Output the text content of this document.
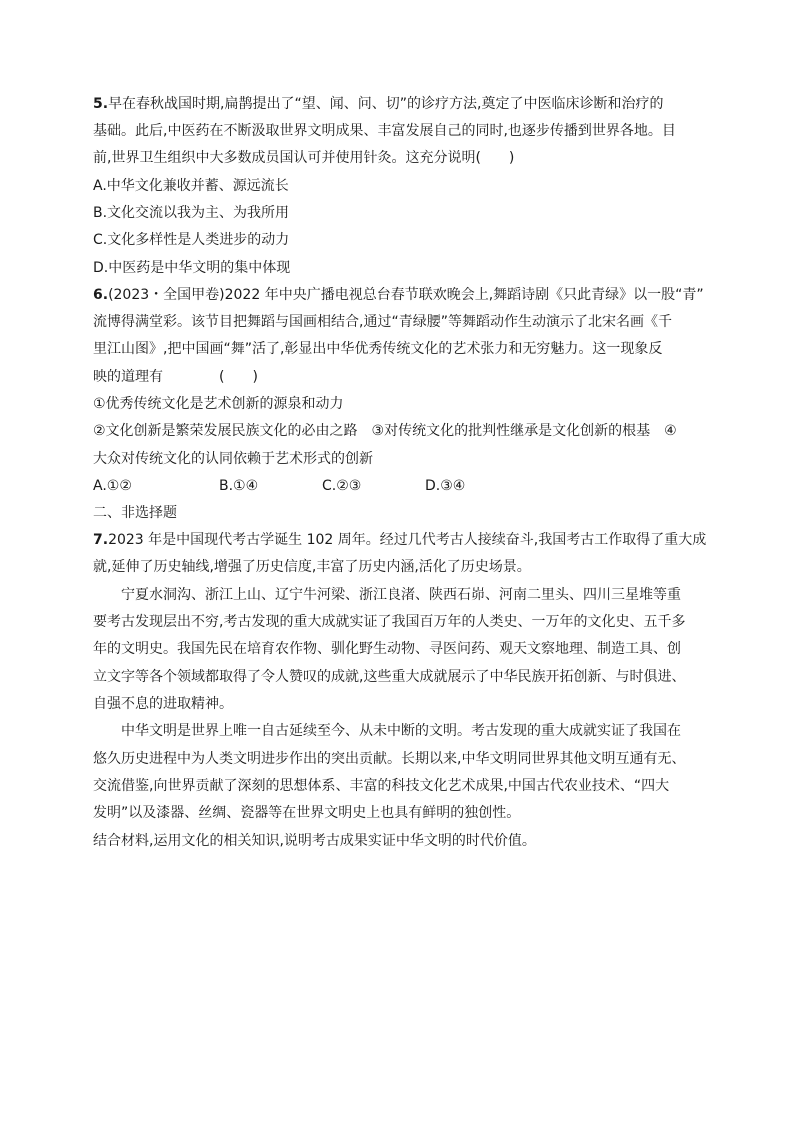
5.早在春秋战国时期,扁鹊提出了“望、闻、问、切”的诊疗方法,奠定了中医临床诊断和治疗的
基础。此后,中医药在不断汲取世界文明成果、丰富发展自己的同时,也逐步传播到世界各地。目
前,世界卫生组织中大多数成员国认可并使用针灸。这充分说明(　　)
A.中华文化兼收并蓄、源远流长
B.文化交流以我为主、为我所用
C.文化多样性是人类进步的动力
D.中医药是中华文明的集中体现
6.(2023・全国甲卷)2022 年中央广播电视总台春节联欢晚会上,舞蹈诗剧《只此青绿》以一股“青”
流博得满堂彩。该节目把舞蹈与国画相结合,通过“青绿腰”等舞蹈动作生动演示了北宋名画《千
里江山图》,把中国画“舞”活了,彰显出中华优秀传统文化的艺术张力和无穷魅力。这一现象反
映的道理有　　　　(　　)
①优秀传统文化是艺术创新的源泉和动力
②文化创新是繁荣发展民族文化的必由之路　③对传统文化的批判性继承是文化创新的根基　④
大众对传统文化的认同依赖于艺术形式的创新
A.①②	B.①④	C.②③	D.③④
二、非选择题
7.2023 年是中国现代考古学诞生 102 周年。经过几代考古人接续奋斗,我国考古工作取得了重大成
就,延伸了历史轴线,增强了历史信度,丰富了历史内涵,活化了历史场景。
宁夏水洞沟、浙江上山、辽宁牛河梁、浙江良渚、陕西石峁、河南二里头、四川三星堆等重
要考古发现层出不穷,考古发现的重大成就实证了我国百万年的人类史、一万年的文化史、五千多
年的文明史。我国先民在培育农作物、驯化野生动物、寻医问药、观天文察地理、制造工具、创
立文字等各个领域都取得了令人赞叹的成就,这些重大成就展示了中华民族开拓创新、与时俱进、
自强不息的进取精神。
中华文明是世界上唯一自古延续至今、从未中断的文明。考古发现的重大成就实证了我国在
悠久历史进程中为人类文明进步作出的突出贡献。长期以来,中华文明同世界其他文明互通有无、
交流借鉴,向世界贡献了深刻的思想体系、丰富的科技文化艺术成果,中国古代农业技术、“四大
发明”以及漆器、丝绸、瓷器等在世界文明史上也具有鲜明的独创性。
结合材料,运用文化的相关知识,说明考古成果实证中华文明的时代价值。
